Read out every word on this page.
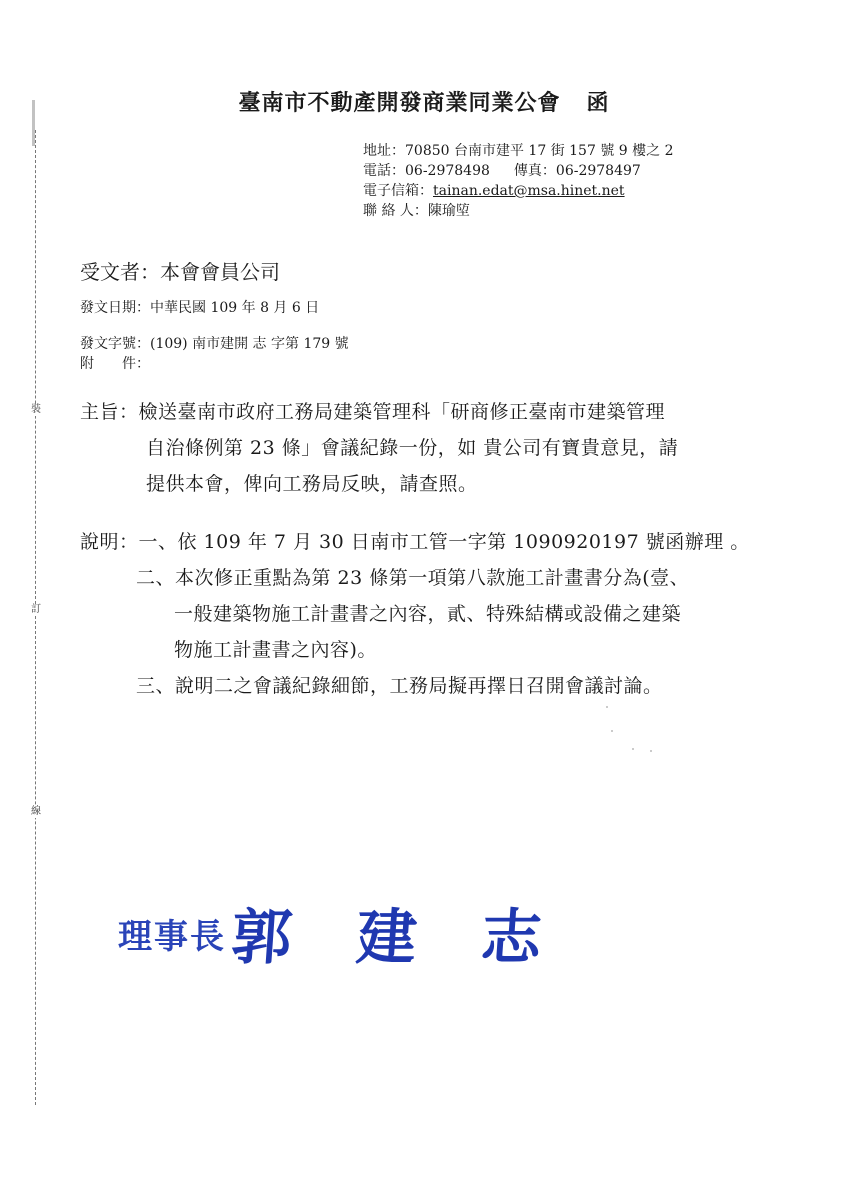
裝
訂
線
臺南市不動產開發商業同業公會 函
地址：70850 台南市建平 17 街 157 號 9 樓之 2
電話：06-2978498 傳真：06-2978497
電子信箱：tainan.edat@msa.hinet.net
聯 絡 人：陳瑜埅
受文者：本會會員公司
發文日期：中華民國 109 年 8 月 6 日
發文字號：(109) 南市建開 志 字第 179 號
附　　件：
主旨：檢送臺南市政府工務局建築管理科「研商修正臺南市建築管理
自治條例第 23 條」會議紀錄一份，如 貴公司有寶貴意見，請
提供本會，俾向工務局反映，請查照。
說明：一、依 109 年 7 月 30 日南市工管一字第 1090920197 號函辦理 。
二、本次修正重點為第 23 條第一項第八款施工計畫書分為(壹、
一般建築物施工計畫書之內容，貳、特殊結構或設備之建築
物施工計畫書之內容)。
三、說明二之會議紀錄細節，工務局擬再擇日召開會議討論。
理事長郭 建 志
